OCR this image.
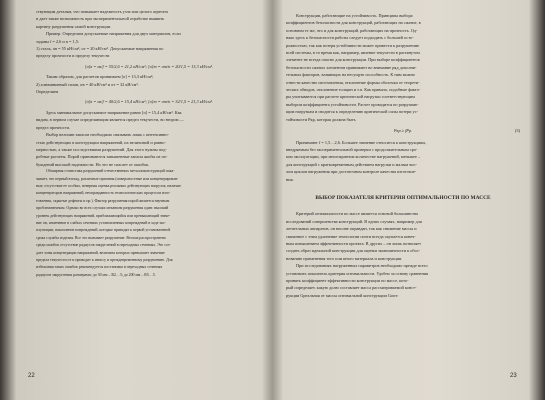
ствующим деталям, что повышает надежность узла или целого агрегата

и дает также возможность при экспериментальной отработке выявить

картину разрушения самой конструкции.

Пример. Определим допускаемые напряжения для двух материалов, если

заданы f = 2,6 и n = 1,5:

1) сталь, σв = 55 кН/см², σт = 20 кН/см². Допускаемые напряжения по

пределу прочности и пределу текучести

[σ]в = σв/f = 55/2,6 = 21,2 кН/см²; [σ]т = σт/n = 20/1,5 = 13,3 кН/см².

Таким образом, для расчетов принимаем [σ] = 13,3 кН/см²;

2) алюминиевый сплав, σв = 40 кН/см² и σт = 32 кН/см².

Определяем

[σ]в = σв/f = 40/2,6 = 15,4 кН/см²; [σ]т = σт/n = 32/1,5 = 21,3 кН/см².

Здесь минимальное допускаемое напряжение равно [σ] = 15,4 кН/см². Как

видим, в первом случае определяющим является предел текучести, во втором —

предел прочности.

Выбор величин запасов необходимо связывать лишь с интенсивно-

стью действующих в конструкции напряжений, их величиной и равно-

мерностью, а также последствиями разрушений. Для этого нужны под-

робные расчеты. Порой принимаются завышенные запасы якобы из по-

буждений высокой надежности. Но это не спасает от ошибок.

Обширная статистика разрушений отечественных металлоконструкций пока-

зывает, что первый взгляд, различные причины (поверхностные или концентрирован-

ные, отсутствие ее особых, неверная оценка реальных действующих нагрузок, наличие

концентраторов напряжений, неоправданность технологических процессов изго-

товления, скрытые дефекты и пр.). Фактор разрушения порой является научным

проблематичным. Однако во всех случаях механизм разрушения один: высокий

уровень действующих напряжений, приближающийся или превышающий значе-

ние σв, изменение в слабых сечениях установленных повреждений в ходе экс-

плуатации, накопление повреждений, которые приводят к первой установленной

срока службы изделия. Все это вызывает разрушение. Весьма распространено

среди ошибок отсутствие радиусов закруглений в переходных сечениях. Это соз-

дает зоны концентрации напряжений, величина которых превышает значение

предела текучести σт и приводит к износу и преждевременному разрушению. Для

избежания таких ошибок рекомендуется постановка в переходных сечениях

радиусов закругления размерами: до 30 мм – R2…3; до 200 мм – R5…5.

22

Конструкции, работающие на устойчивость. Принципы выбора

коэффициентов безопасности для конструкций, работающих на сжатие, в

основном те же, что и для конструкций, работающих на прочность. Од-

нако здесь к безопасности работы следует подходить с большей осто-

рожностью, так как потеря устойчивости может привести к разрушению

всей системы, в то время как, например, явление текучести в растянутом

элементе не всегда опасно для конструкции. При выборе коэффициентов

безопасности сжатых элементов принимают во внимание ряд дополни-

тельных факторов, влияющих на несущую способность. К ним можно

отнести качество изготовления, отклонение формы оболочки от теорети-

ческих обводов, отклонение толщин и т.п. Как правило, подобные факто-

ры учитываются при расчете критической нагрузки соответствующим

выбором коэффициента устойчивости. Расчет проводится по разрушаю-

щим нагрузкам и сводится к определению критической силы потери ус-

тойчивости Pкр, которая должна быть

Pкр ≥ fPр.	(3)

Принимают f = 1,5…2,6. Большее значение относится к конструкциям,

внедряемым без экспериментальной проверки с продолжительным сро-

ком эксплуатации, при многократном количестве нагружений, меньшее –

для конструкций с кратковременным действием нагрузки и малым чис-

лом циклов нагружения при достаточном контроле качества изготовле-

ния.

ВЫБОР ПОКАЗАТЕЛЯ КРИТЕРИЯ ОПТИМАЛЬНОСТИ ПО МАССЕ

Критерий оптимальности по массе является основой большинства

исследований совершенства конструкций. В одних случаях, например для

летательных аппаратов, он вполне оправдан, так как снижение массы и

связанное с этим удлинение технологии почти всегда окупается конеч-

ным повышением эффективности проекта. В других – он лишь позволяет

создать образ идеальной конструкции для оценки экономичности к обос-

нованию применения того или иного материала и конструкции.

При исследованиях нагруженных параметров необходимо прежде всего

установить показатель критерия оптимальности. Удобно за основу сравнения

принять коэффициент эффективности конструкции по массе, кото-

рый определяет, какую долю составляет масса рассматриваемой конст-

рукции Gреальная от массы оптимальной конструкции Gопт:

23
